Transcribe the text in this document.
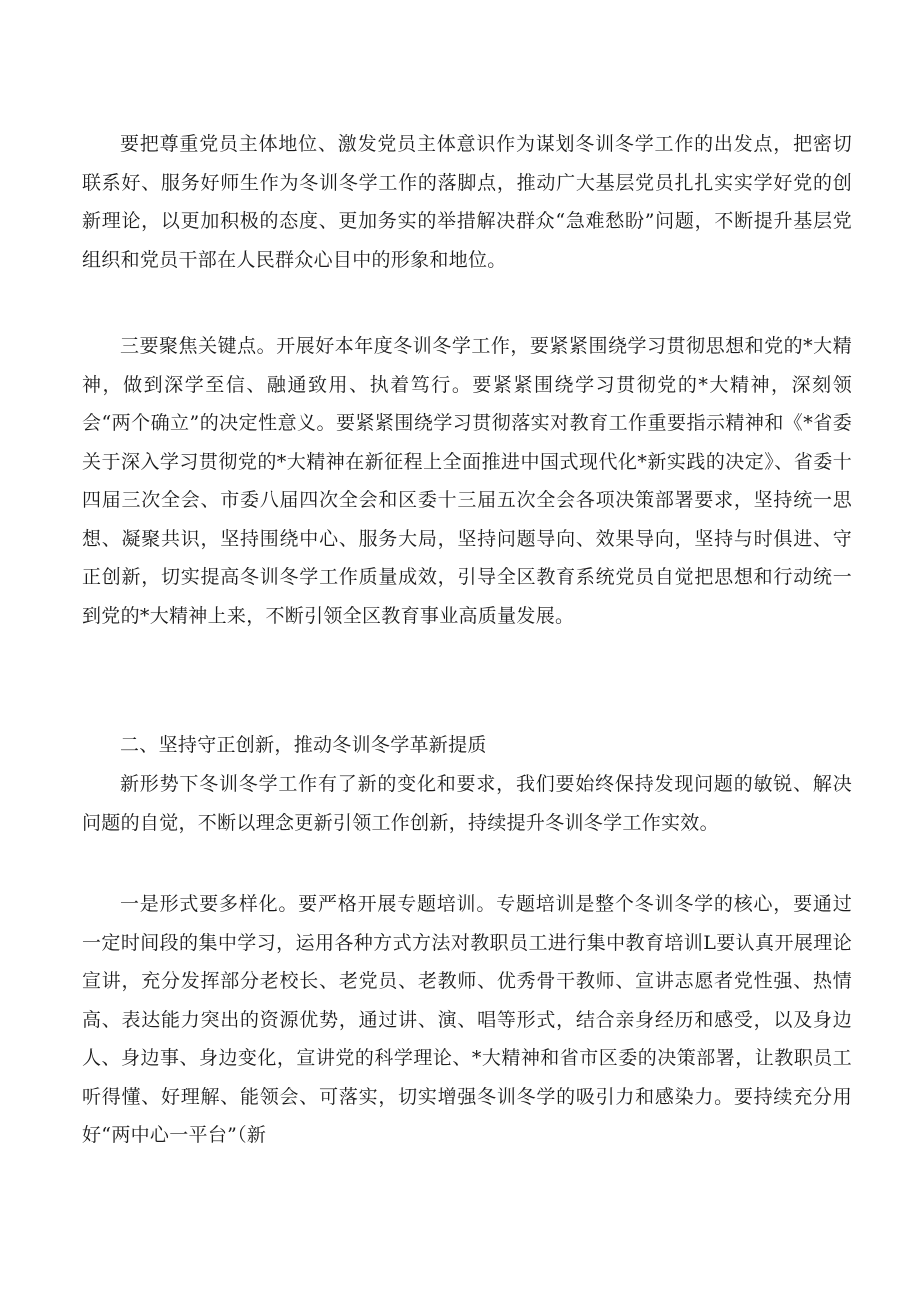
要把尊重党员主体地位、激发党员主体意识作为谋划冬训冬学工作的出发点，把密切联系好、服务好师生作为冬训冬学工作的落脚点，推动广大基层党员扎扎实实学好党的创新理论，以更加积极的态度、更加务实的举措解决群众“急难愁盼”问题，不断提升基层党组织和党员干部在人民群众心目中的形象和地位。

三要聚焦关键点。开展好本年度冬训冬学工作，要紧紧围绕学习贯彻思想和党的*大精神，做到深学至信、融通致用、执着笃行。要紧紧围绕学习贯彻党的*大精神，深刻领会“两个确立”的决定性意义。要紧紧围绕学习贯彻落实对教育工作重要指示精神和《*省委关于深入学习贯彻党的*大精神在新征程上全面推进中国式现代化*新实践的决定》、省委十四届三次全会、市委八届四次全会和区委十三届五次全会各项决策部署要求，坚持统一思想、凝聚共识，坚持围绕中心、服务大局，坚持问题导向、效果导向，坚持与时俱进、守正创新，切实提高冬训冬学工作质量成效，引导全区教育系统党员自觉把思想和行动统一到党的*大精神上来，不断引领全区教育事业高质量发展。

二、坚持守正创新，推动冬训冬学革新提质

新形势下冬训冬学工作有了新的变化和要求，我们要始终保持发现问题的敏锐、解决问题的自觉，不断以理念更新引领工作创新，持续提升冬训冬学工作实效。

一是形式要多样化。要严格开展专题培训。专题培训是整个冬训冬学的核心，要通过一定时间段的集中学习，运用各种方式方法对教职员工进行集中教育培训L要认真开展理论宣讲，充分发挥部分老校长、老党员、老教师、优秀骨干教师、宣讲志愿者党性强、热情高、表达能力突出的资源优势，通过讲、演、唱等形式，结合亲身经历和感受，以及身边人、身边事、身边变化，宣讲党的科学理论、*大精神和省市区委的决策部署，让教职员工听得懂、好理解、能领会、可落实，切实增强冬训冬学的吸引力和感染力。要持续充分用好“两中心一平台”（新
